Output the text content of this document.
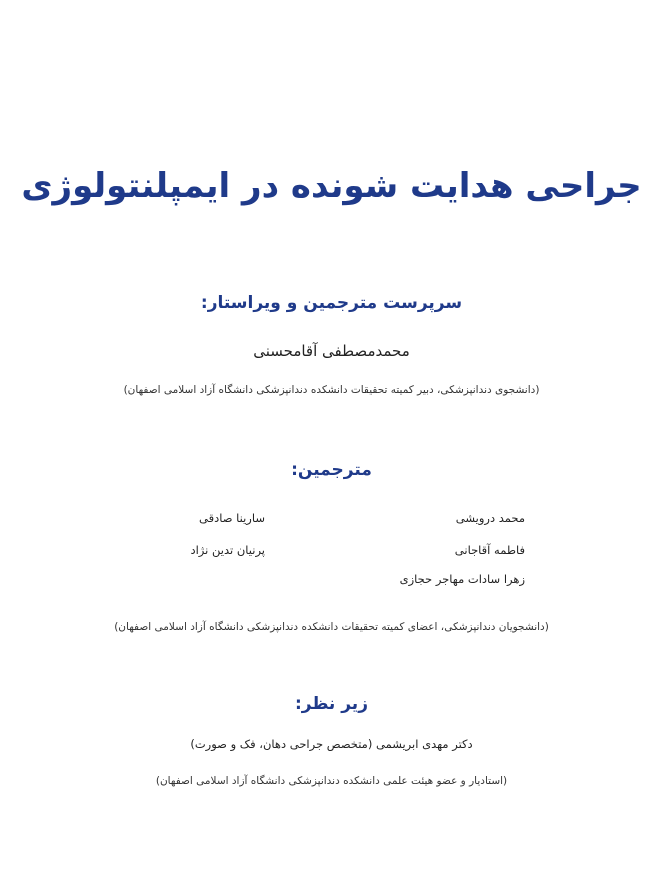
جراحی هدایت شونده در ایمپلنتولوژی
سرپرست مترجمین و ویراستار:
محمدمصطفی آقامحسنی
(دانشجوی دندانپزشکی، دبیر کمیته تحقیقات دانشکده دندانپزشکی دانشگاه آزاد اسلامی اصفهان)
مترجمین:
محمد درویشی
سارینا صادقی
فاطمه آقاجانی
پرنیان تدین نژاد
زهرا سادات مهاجر حجازی
(دانشجویان دندانپزشکی، اعضای کمیته تحقیقات دانشکده دندانپزشکی دانشگاه آزاد اسلامی اصفهان)
زیر نظر:
دکتر مهدی ابریشمی (متخصص جراحی دهان، فک و صورت)
(استادیار و عضو هیئت علمی دانشکده دندانپزشکی دانشگاه آزاد اسلامی اصفهان)
